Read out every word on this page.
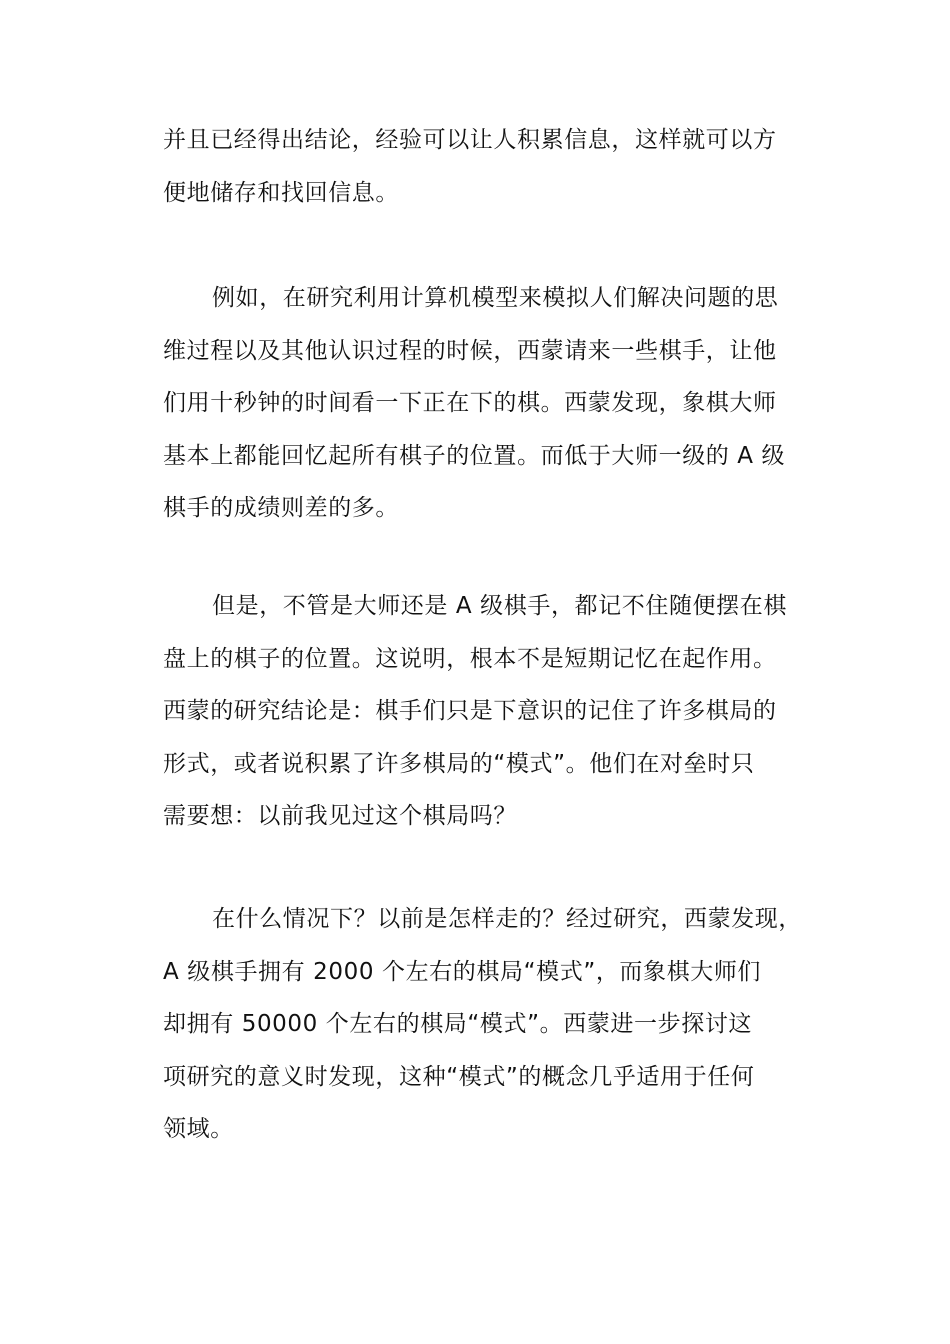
并且已经得出结论，经验可以让人积累信息，这样就可以方
便地储存和找回信息。

例如，在研究利用计算机模型来模拟人们解决问题的思
维过程以及其他认识过程的时候，西蒙请来一些棋手，让他
们用十秒钟的时间看一下正在下的棋。西蒙发现，象棋大师
基本上都能回忆起所有棋子的位置。而低于大师一级的 A 级
棋手的成绩则差的多。

但是，不管是大师还是 A 级棋手，都记不住随便摆在棋
盘上的棋子的位置。这说明，根本不是短期记忆在起作用。
西蒙的研究结论是：棋手们只是下意识的记住了许多棋局的
形式，或者说积累了许多棋局的“模式”。他们在对垒时只
需要想：以前我见过这个棋局吗？

在什么情况下？以前是怎样走的？经过研究，西蒙发现，
A 级棋手拥有 2000 个左右的棋局“模式”，而象棋大师们
却拥有 50000 个左右的棋局“模式”。西蒙进一步探讨这
项研究的意义时发现，这种“模式”的概念几乎适用于任何
领域。
